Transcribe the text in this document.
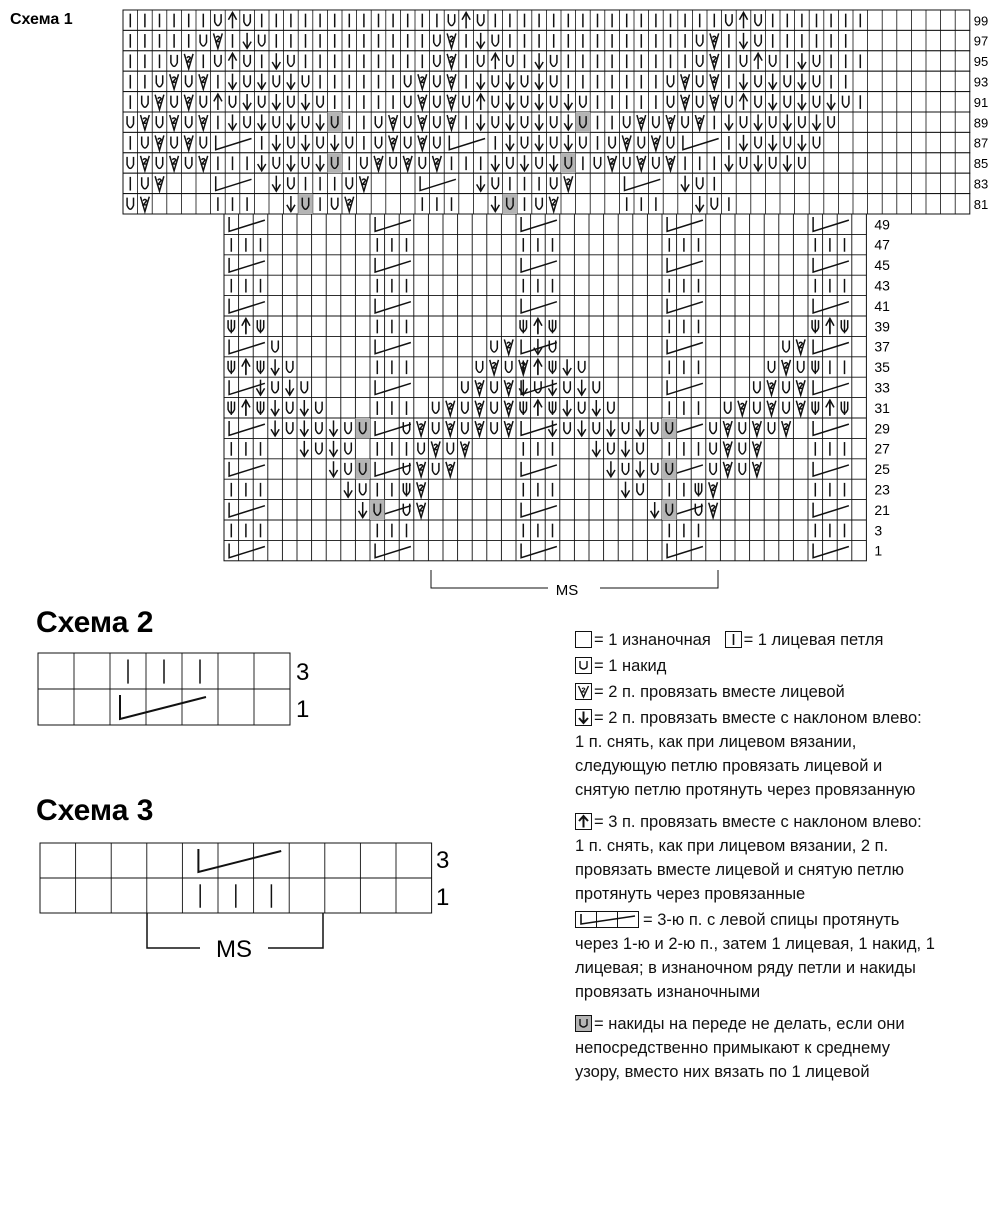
Схема 1
Схема 2
Схема 3
99
97
95
93
91
89
87
85
83
81
49
47
45
43
41
39
37
35
33
31
29
27
25
23
21
3
1
MS
3
1
3
1
MS

= 1 изнаночная = 1 лицевая петля

= 1 накид

= 2 п. провязать вместе лицевой

= 2 п. провязать вместе с наклоном влево: 1 п. снять, как при лицевом вязании, следующую петлю провязать лицевой и снятую петлю протянуть через провязанную

= 3 п. провязать вместе с наклоном влево: 1 п. снять, как при лицевом вязании, 2 п. провязать вместе лицевой и снятую петлю протянуть через провязанные

= 3-ю п. с левой спицы протянуть через 1-ю и 2-ю п., затем 1 лицевая, 1 накид, 1 лицевая; в изнаночном ряду петли и накиды провязать изнаночными

= накиды на переде не делать, если они непосредственно примыкают к среднему узору, вместо них вязать по 1 лицевой
